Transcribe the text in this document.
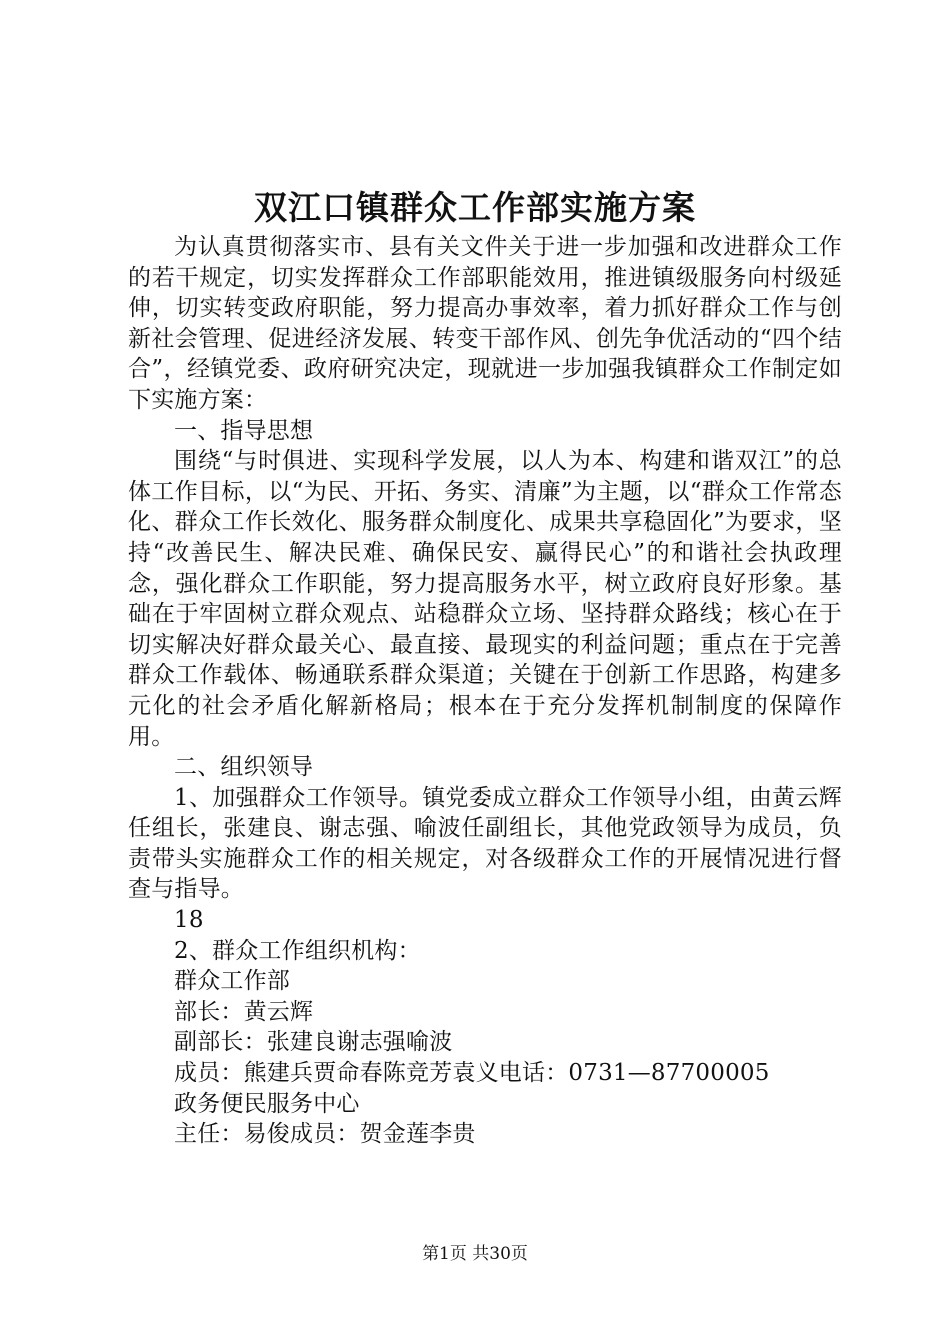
双江口镇群众工作部实施方案

为认真贯彻落实市、县有关文件关于进一步加强和改进群众工作的若干规定，切实发挥群众工作部职能效用，推进镇级服务向村级延伸，切实转变政府职能，努力提高办事效率，着力抓好群众工作与创新社会管理、促进经济发展、转变干部作风、创先争优活动的“四个结合”，经镇党委、政府研究决定，现就进一步加强我镇群众工作制定如下实施方案：

一、指导思想

围绕“与时俱进、实现科学发展，以人为本、构建和谐双江”的总体工作目标，以“为民、开拓、务实、清廉”为主题，以“群众工作常态化、群众工作长效化、服务群众制度化、成果共享稳固化”为要求，坚持“改善民生、解决民难、确保民安、赢得民心”的和谐社会执政理念，强化群众工作职能，努力提高服务水平，树立政府良好形象。基础在于牢固树立群众观点、站稳群众立场、坚持群众路线；核心在于切实解决好群众最关心、最直接、最现实的利益问题；重点在于完善群众工作载体、畅通联系群众渠道；关键在于创新工作思路，构建多元化的社会矛盾化解新格局；根本在于充分发挥机制制度的保障作用。

二、组织领导

1、加强群众工作领导。镇党委成立群众工作领导小组，由黄云辉任组长，张建良、谢志强、喻波任副组长，其他党政领导为成员，负责带头实施群众工作的相关规定，对各级群众工作的开展情况进行督查与指导。

18

2、群众工作组织机构：

群众工作部

部长：黄云辉

副部长：张建良谢志强喻波

成员：熊建兵贾命春陈竞芳袁义电话：0731—87700005

政务便民服务中心

主任：易俊成员：贺金莲李贵

第1页 共30页
